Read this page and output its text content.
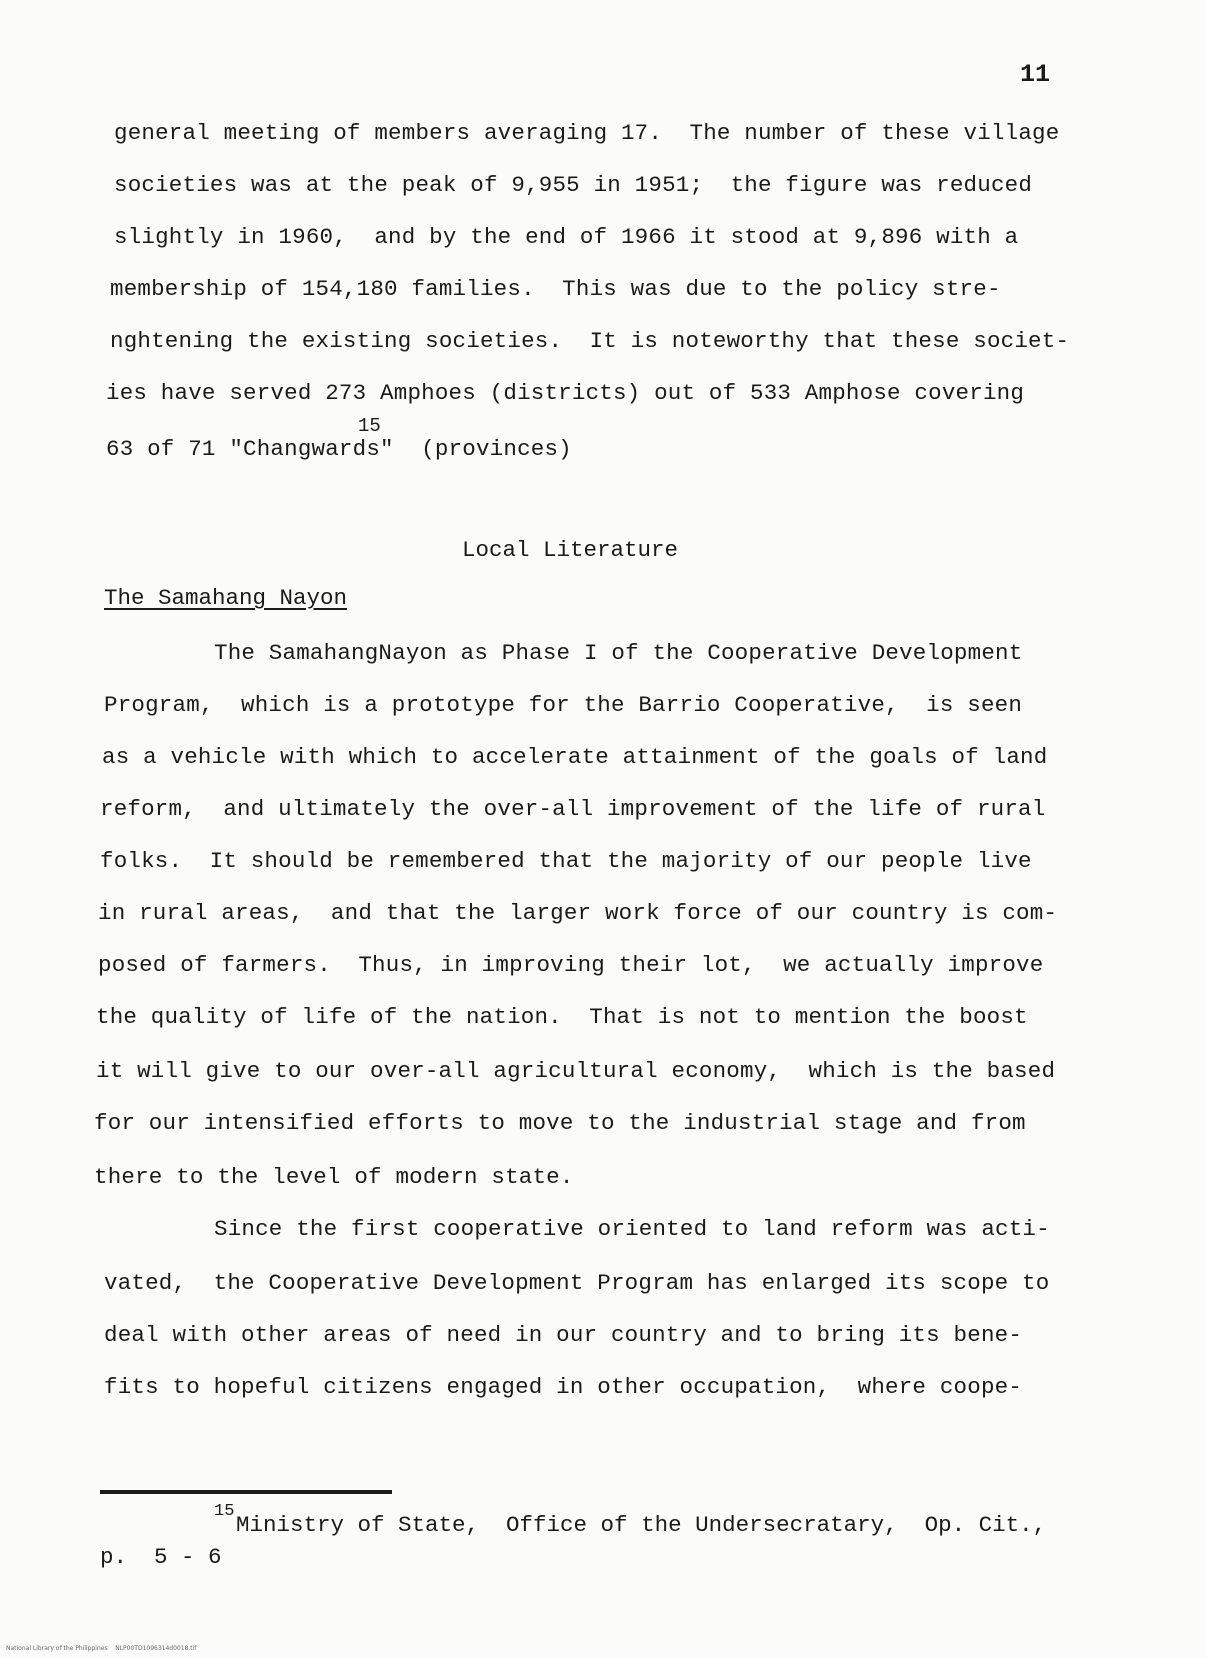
11
general meeting of members averaging 17.  The number of these village
societies was at the peak of 9,955 in 1951;  the figure was reduced
slightly in 1960,  and by the end of 1966 it stood at 9,896 with a
membership of 154,180 families.  This was due to the policy stre-
nghtening the existing societies.  It is noteworthy that these societ-
ies have served 273 Amphoes (districts) out of 533 Amphose covering
15
63 of 71 "Changwards"  (provinces)
Local Literature
The Samahang Nayon
The SamahangNayon as Phase I of the Cooperative Development
Program,  which is a prototype for the Barrio Cooperative,  is seen
as a vehicle with which to accelerate attainment of the goals of land
reform,  and ultimately the over-all improvement of the life of rural
folks.  It should be remembered that the majority of our people live
in rural areas,  and that the larger work force of our country is com-
posed of farmers.  Thus, in improving their lot,  we actually improve
the quality of life of the nation.  That is not to mention the boost
it will give to our over-all agricultural economy,  which is the based
for our intensified efforts to move to the industrial stage and from
there to the level of modern state.
Since the first cooperative oriented to land reform was acti-
vated,  the Cooperative Development Program has enlarged its scope to
deal with other areas of need in our country and to bring its bene-
fits to hopeful citizens engaged in other occupation,  where coope-
15
Ministry of State,  Office of the Undersecratary,  Op. Cit.,
p.  5 - 6
National Library of the Philippines    NLP00TD1096314d0018.tif
